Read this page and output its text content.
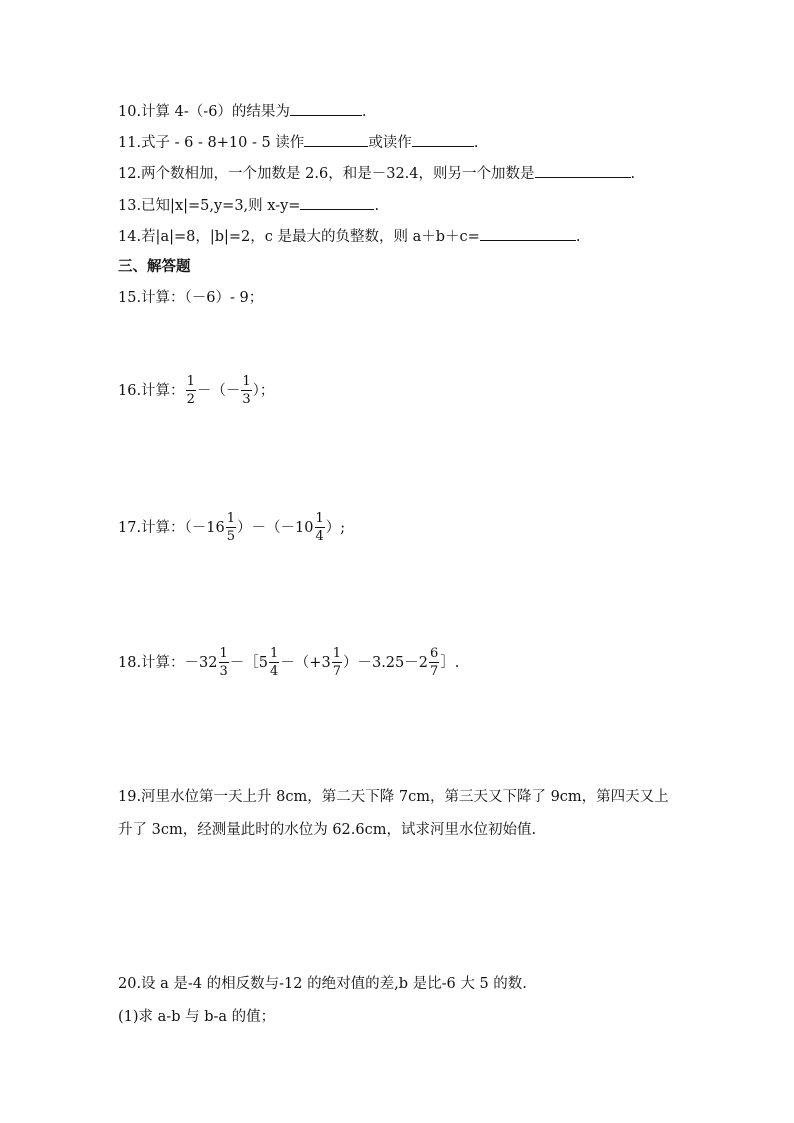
10.计算 4-（-6）的结果为	.
11.式子 - 6 - 8+10 - 5 读作	或读作	.
12.两个数相加，一个加数是 2.6，和是－32.4，则另一个加数是	.
13.已知|x|=5,y=3,则 x-y=	.
14.若|a|=8，|b|=2，c 是最大的负整数，则 a＋b＋c=	.
三、解答题
15.计算：（－6）- 9；
16.计算： $\frac{1}{2}$ －（－ $\frac{1}{3}$ ）；
17.计算：$(-16 \frac{1}{5} )-(-10 \frac{1}{4}$ ）;
18.计算：$-32 \frac{1}{3}$ －［5 $\frac{1}{4} -(+3 \frac{1}{7} )-3.25-2 \frac{6}{7}$ ］.
19.河里水位第一天上升 8cm，第二天下降 7cm，第三天又下降了 9cm，第四天又上
升了 3cm，经测量此时的水位为 62.6cm，试求河里水位初始值.
20.设 a 是-4 的相反数与-12 的绝对值的差,b 是比-6 大 5 的数.
(1)求 a-b 与 b-a 的值；
